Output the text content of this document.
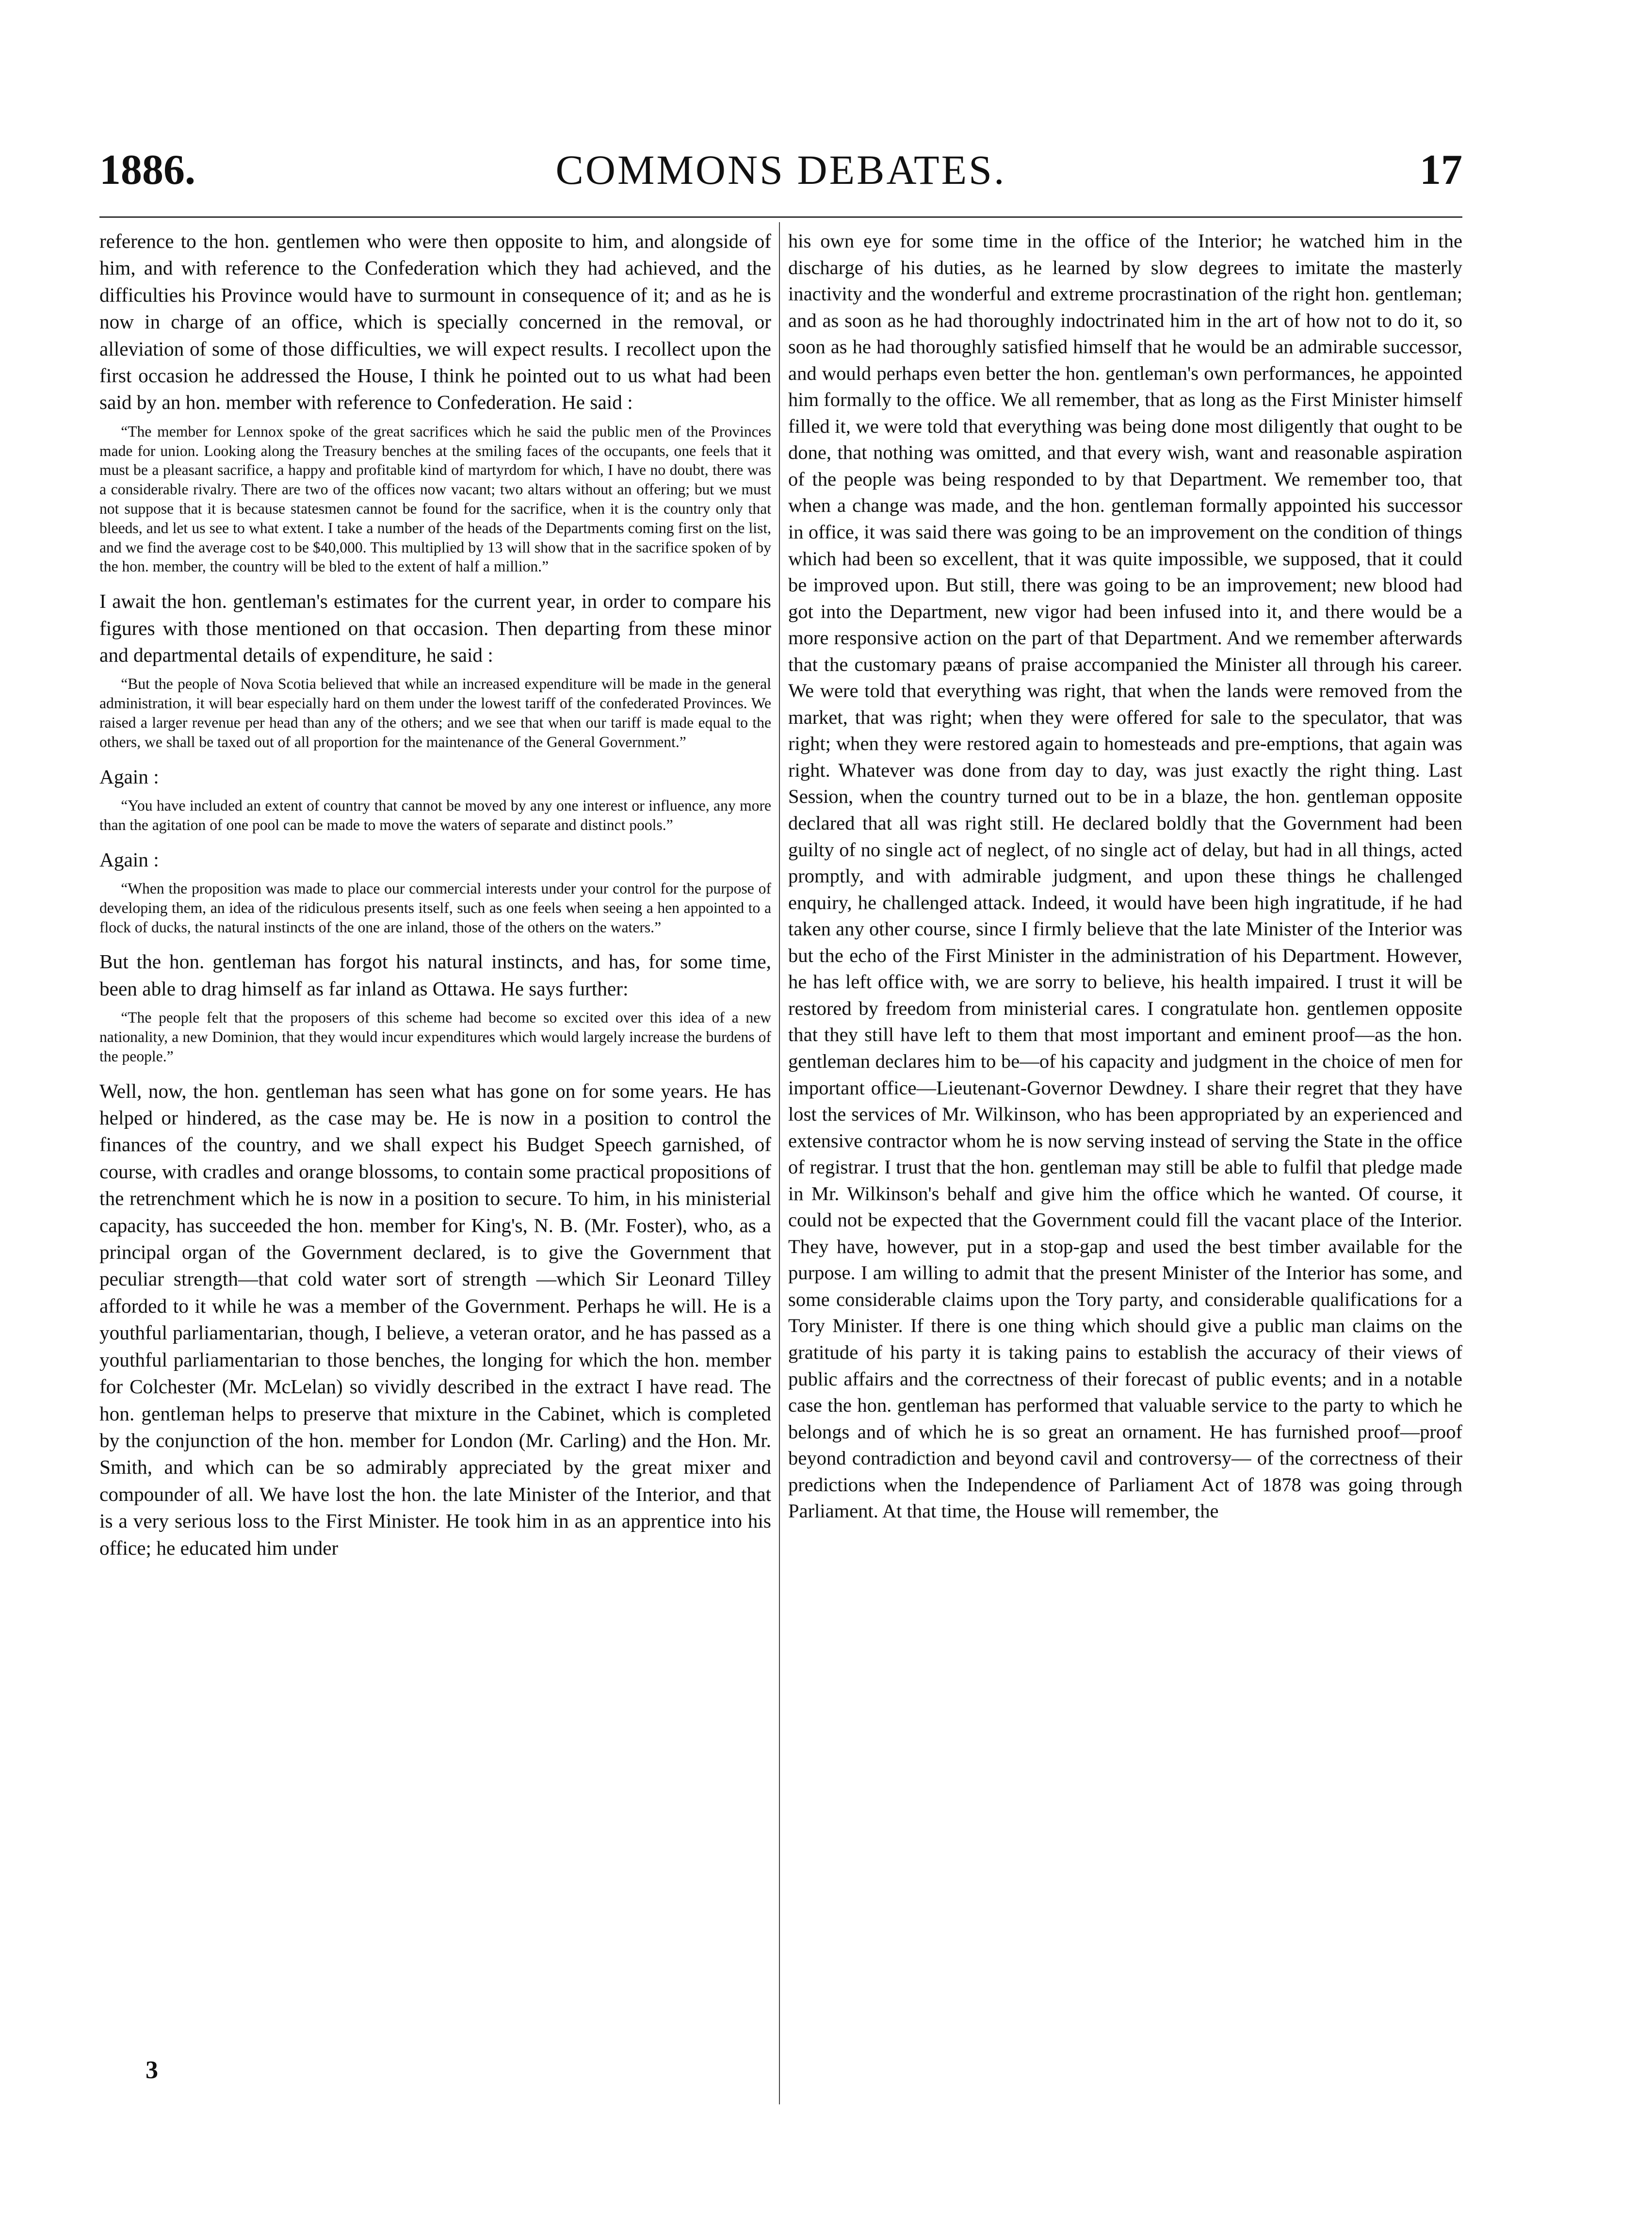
1886.	COMMONS DEBATES.	17

reference to the hon. gentlemen who were then opposite to him, and alongside of him, and with reference to the Confederation which they had achieved, and the difficulties his Province would have to surmount in consequence of it; and as he is now in charge of an office, which is specially concerned in the removal, or alleviation of some of those difficulties, we will expect results. I recollect upon the first occasion he addressed the House, I think he pointed out to us what had been said by an hon. member with reference to Confederation. He said :

“The member for Lennox spoke of the great sacrifices which he said the public men of the Provinces made for union. Looking along the Treasury benches at the smiling faces of the occupants, one feels that it must be a pleasant sacrifice, a happy and profitable kind of martyrdom for which, I have no doubt, there was a considerable rivalry. There are two of the offices now vacant; two altars without an offering; but we must not suppose that it is because statesmen cannot be found for the sacrifice, when it is the country only that bleeds, and let us see to what extent. I take a number of the heads of the Departments coming first on the list, and we find the average cost to be $40,000. This multiplied by 13 will show that in the sacrifice spoken of by the hon. member, the country will be bled to the extent of half a million.”

I await the hon. gentleman's estimates for the current year, in order to compare his figures with those mentioned on that occasion. Then departing from these minor and departmental details of expenditure, he said :

“But the people of Nova Scotia believed that while an increased expenditure will be made in the general administration, it will bear especially hard on them under the lowest tariff of the confederated Provinces. We raised a larger revenue per head than any of the others; and we see that when our tariff is made equal to the others, we shall be taxed out of all proportion for the maintenance of the General Government.”

Again :

“You have included an extent of country that cannot be moved by any one interest or influence, any more than the agitation of one pool can be made to move the waters of separate and distinct pools.”

Again :

“When the proposition was made to place our commercial interests under your control for the purpose of developing them, an idea of the ridiculous presents itself, such as one feels when seeing a hen appointed to a flock of ducks, the natural instincts of the one are inland, those of the others on the waters.”

But the hon. gentleman has forgot his natural instincts, and has, for some time, been able to drag himself as far inland as Ottawa. He says further:

“The people felt that the proposers of this scheme had become so excited over this idea of a new nationality, a new Dominion, that they would incur expenditures which would largely increase the burdens of the people.”

Well, now, the hon. gentleman has seen what has gone on for some years. He has helped or hindered, as the case may be. He is now in a position to control the finances of the country, and we shall expect his Budget Speech garnished, of course, with cradles and orange blossoms, to contain some practical propositions of the retrenchment which he is now in a position to secure. To him, in his ministerial capacity, has succeeded the hon. member for King's, N. B. (Mr. Foster), who, as a principal organ of the Government declared, is to give the Government that peculiar strength—that cold water sort of strength —which Sir Leonard Tilley afforded to it while he was a member of the Government. Perhaps he will. He is a youthful parliamentarian, though, I believe, a veteran orator, and he has passed as a youthful parliamentarian to those benches, the longing for which the hon. member for Colchester (Mr. McLelan) so vividly described in the extract I have read. The hon. gentleman helps to preserve that mixture in the Cabinet, which is completed by the conjunction of the hon. member for London (Mr. Carling) and the Hon. Mr. Smith, and which can be so admirably appreciated by the great mixer and compounder of all. We have lost the hon. the late Minister of the Interior, and that is a very serious loss to the First Minister. He took him in as an apprentice into his office; he educated him under

his own eye for some time in the office of the Interior; he watched him in the discharge of his duties, as he learned by slow degrees to imitate the masterly inactivity and the wonderful and extreme procrastination of the right hon. gentleman; and as soon as he had thoroughly indoctrinated him in the art of how not to do it, so soon as he had thoroughly satisfied himself that he would be an admirable successor, and would perhaps even better the hon. gentleman's own performances, he appointed him formally to the office. We all remember, that as long as the First Minister himself filled it, we were told that everything was being done most diligently that ought to be done, that nothing was omitted, and that every wish, want and reasonable aspiration of the people was being responded to by that Department. We remember too, that when a change was made, and the hon. gentleman formally appointed his successor in office, it was said there was going to be an improvement on the condition of things which had been so excellent, that it was quite impossible, we supposed, that it could be improved upon. But still, there was going to be an improvement; new blood had got into the Department, new vigor had been infused into it, and there would be a more responsive action on the part of that Department. And we remember afterwards that the customary pæans of praise accompanied the Minister all through his career. We were told that everything was right, that when the lands were removed from the market, that was right; when they were offered for sale to the speculator, that was right; when they were restored again to homesteads and pre-emptions, that again was right. Whatever was done from day to day, was just exactly the right thing. Last Session, when the country turned out to be in a blaze, the hon. gentleman opposite declared that all was right still. He declared boldly that the Government had been guilty of no single act of neglect, of no single act of delay, but had in all things, acted promptly, and with admirable judgment, and upon these things he challenged enquiry, he challenged attack. Indeed, it would have been high ingratitude, if he had taken any other course, since I firmly believe that the late Minister of the Interior was but the echo of the First Minister in the administration of his Department. However, he has left office with, we are sorry to believe, his health impaired. I trust it will be restored by freedom from ministerial cares. I congratulate hon. gentlemen opposite that they still have left to them that most important and eminent proof—as the hon. gentleman declares him to be—of his capacity and judgment in the choice of men for important office—Lieutenant-Governor Dewdney. I share their regret that they have lost the services of Mr. Wilkinson, who has been appropriated by an experienced and extensive contractor whom he is now serving instead of serving the State in the office of registrar. I trust that the hon. gentleman may still be able to fulfil that pledge made in Mr. Wilkinson's behalf and give him the office which he wanted. Of course, it could not be expected that the Government could fill the vacant place of the Interior. They have, however, put in a stop-gap and used the best timber available for the purpose. I am willing to admit that the present Minister of the Interior has some, and some considerable claims upon the Tory party, and considerable qualifications for a Tory Minister. If there is one thing which should give a public man claims on the gratitude of his party it is taking pains to establish the accuracy of their views of public affairs and the correctness of their forecast of public events; and in a notable case the hon. gentleman has performed that valuable service to the party to which he belongs and of which he is so great an ornament. He has furnished proof—proof beyond contradiction and beyond cavil and controversy— of the correctness of their predictions when the Independence of Parliament Act of 1878 was going through Parliament. At that time, the House will remember, the

3
